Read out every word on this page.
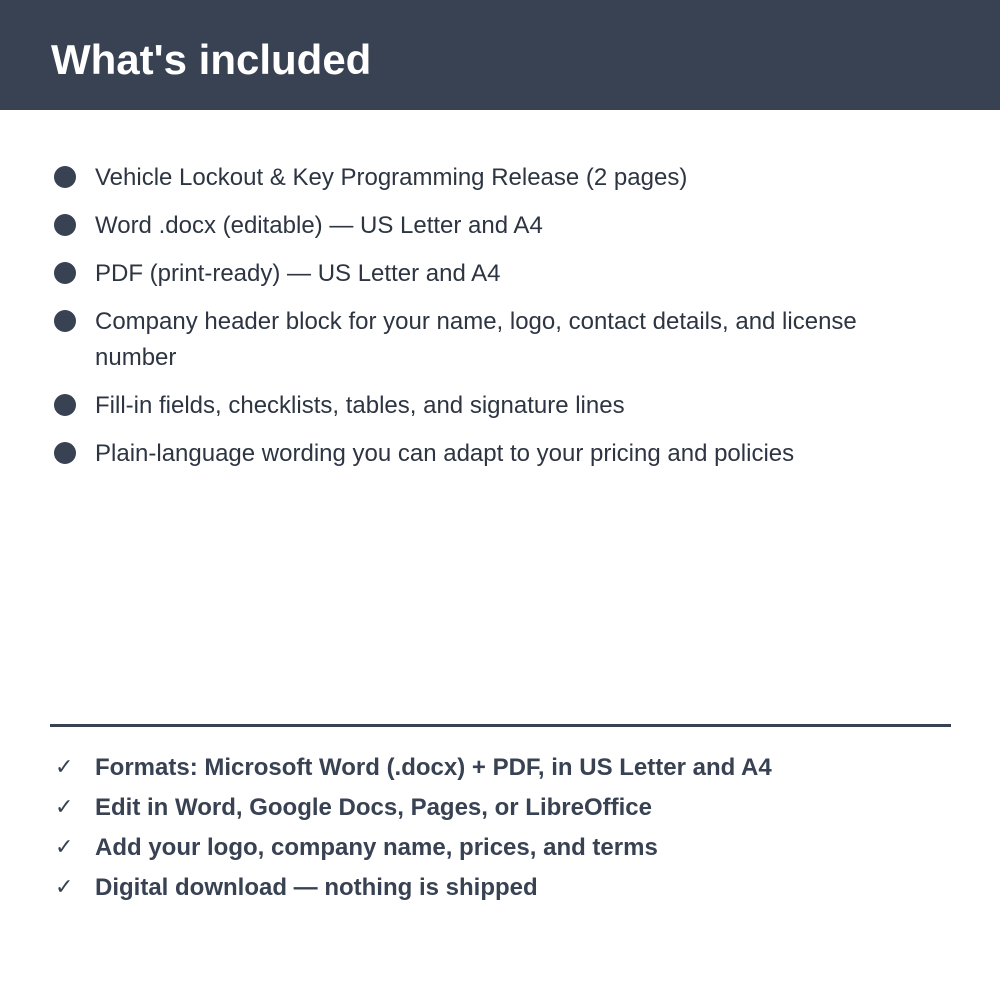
What's included
Vehicle Lockout & Key Programming Release (2 pages)
Word .docx (editable) — US Letter and A4
PDF (print-ready) — US Letter and A4
Company header block for your name, logo, contact details, and license number
Fill-in fields, checklists, tables, and signature lines
Plain-language wording you can adapt to your pricing and policies
✓ Formats: Microsoft Word (.docx) + PDF, in US Letter and A4
✓ Edit in Word, Google Docs, Pages, or LibreOffice
✓ Add your logo, company name, prices, and terms
✓ Digital download — nothing is shipped
